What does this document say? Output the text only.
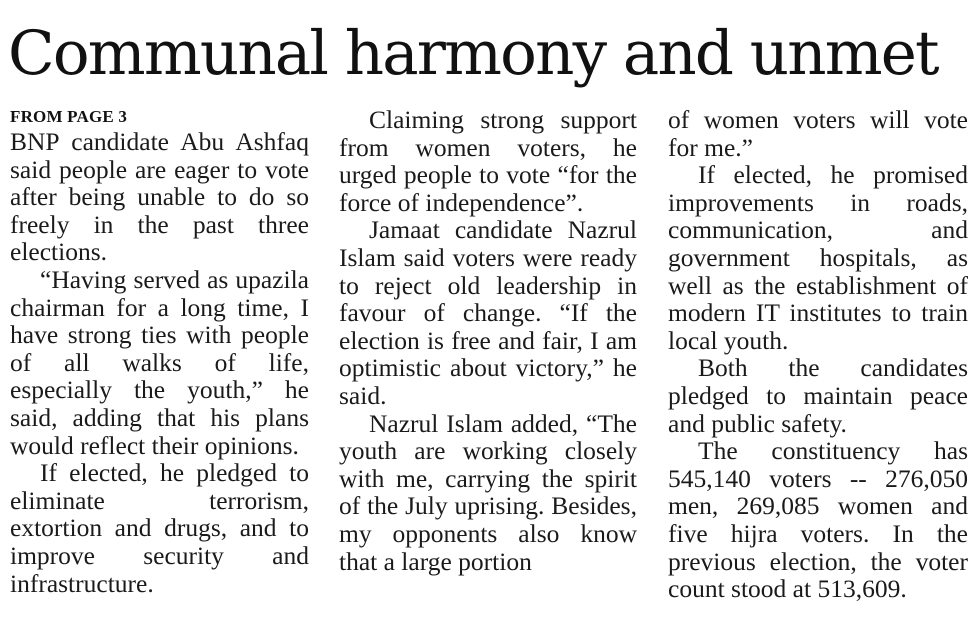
Communal harmony and unmet
FROM PAGE 3

BNP candidate Abu Ashfaq said people are eager to vote after being unable to do so freely in the past three elections.

“Having served as upazila chairman for a long time, I have strong ties with people of all walks of life, especially the youth,” he said, adding that his plans would reflect their opinions.

If elected, he pledged to eliminate terrorism, extortion and drugs, and to improve security and infrastructure.

Claiming strong support from women voters, he urged people to vote “for the force of independence”.

Jamaat candidate Nazrul Islam said voters were ready to reject old leadership in favour of change. “If the election is free and fair, I am optimistic about victory,” he said.

Nazrul Islam added, “The youth are working closely with me, carrying the spirit of the July uprising. Besides, my opponents also know that a large portion

of women voters will vote for me.”

If elected, he promised improvements in roads, communication, and government hospitals, as well as the establishment of modern IT institutes to train local youth.

Both the candidates pledged to maintain peace and public safety.

The constituency has 545,140 voters -- 276,050 men, 269,085 women and five hijra voters. In the previous election, the voter count stood at 513,609.
